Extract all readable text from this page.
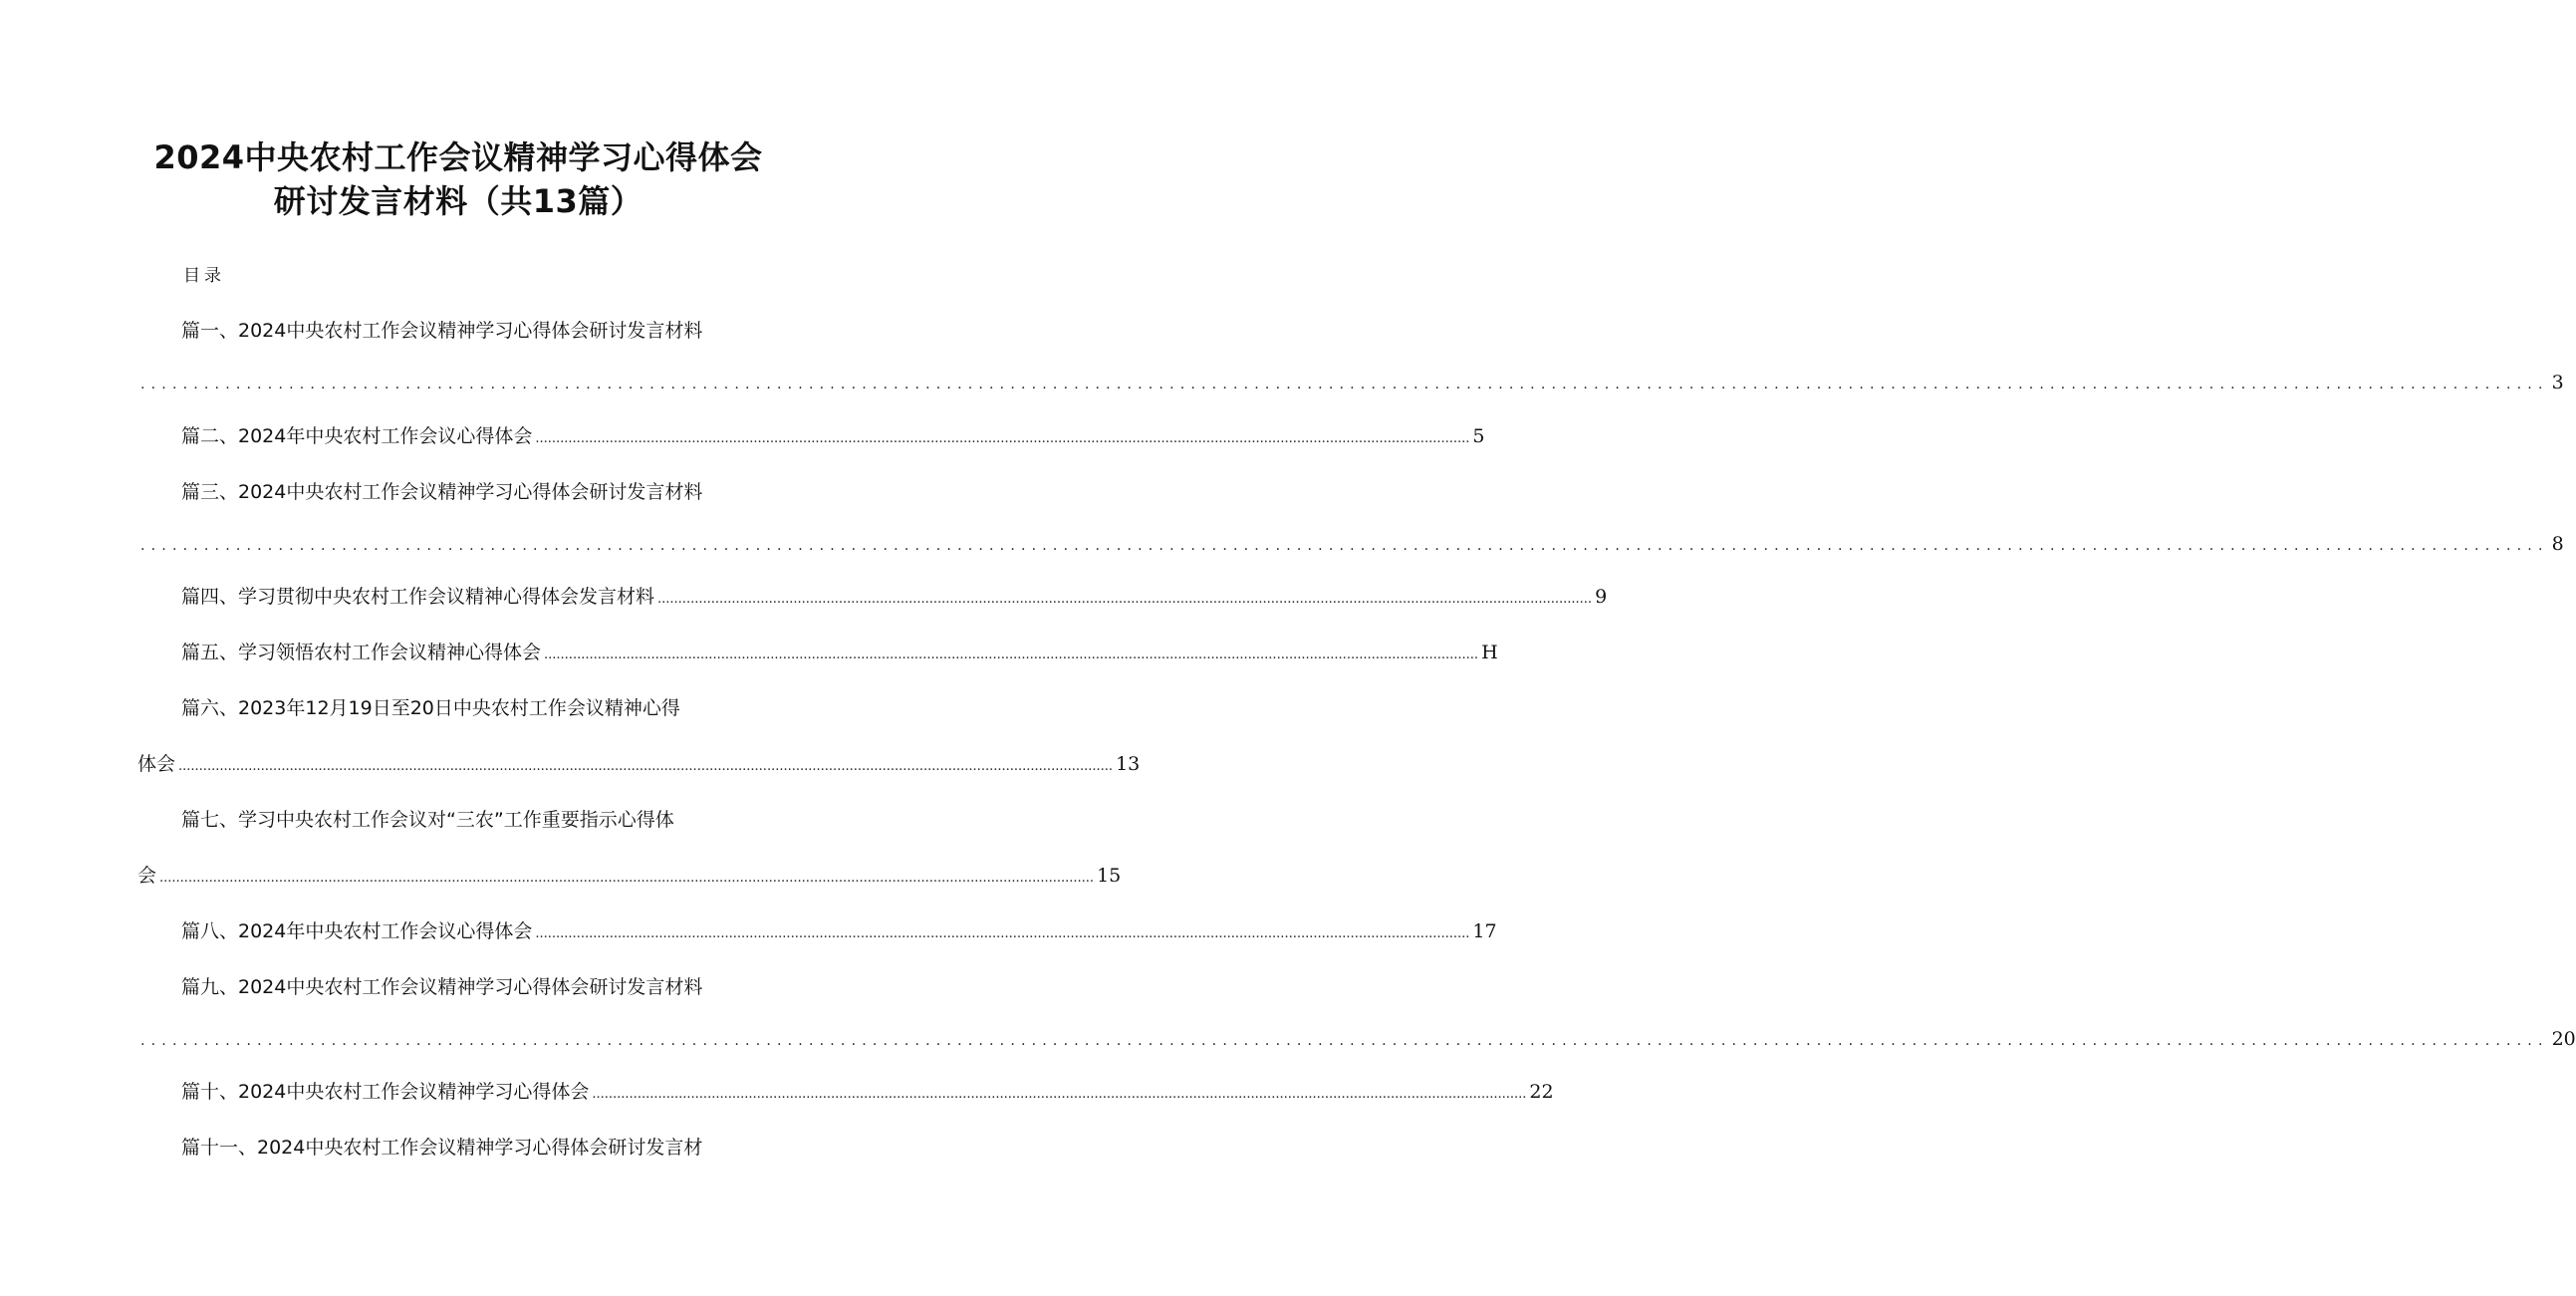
2024中央农村工作会议精神学习心得体会
研讨发言材料（共13篇）
目录
篇一、2024中央农村工作会议精神学习心得体会研讨发言材料
................................................................................................................................................................................................................................... 3
篇二、2024年中央农村工作会议心得体会 ................................................................................................................................................................................................................................... 5
篇三、2024中央农村工作会议精神学习心得体会研讨发言材料
................................................................................................................................................................................................................................... 8
篇四、学习贯彻中央农村工作会议精神心得体会发言材料 ................................................................................................................................................................................................................................... 9
篇五、学习领悟农村工作会议精神心得体会 ................................................................................................................................................................................................................................... H
篇六、2023年12月19日至20日中央农村工作会议精神心得
体会 ................................................................................................................................................................................................................................... 13
篇七、学习中央农村工作会议对“三农”工作重要指示心得体
会 ................................................................................................................................................................................................................................... 15
篇八、2024年中央农村工作会议心得体会 ................................................................................................................................................................................................................................... 17
篇九、2024中央农村工作会议精神学习心得体会研讨发言材料
................................................................................................................................................................................................................................... 20
篇十、2024中央农村工作会议精神学习心得体会 ................................................................................................................................................................................................................................... 22
篇十一、2024中央农村工作会议精神学习心得体会研讨发言材
